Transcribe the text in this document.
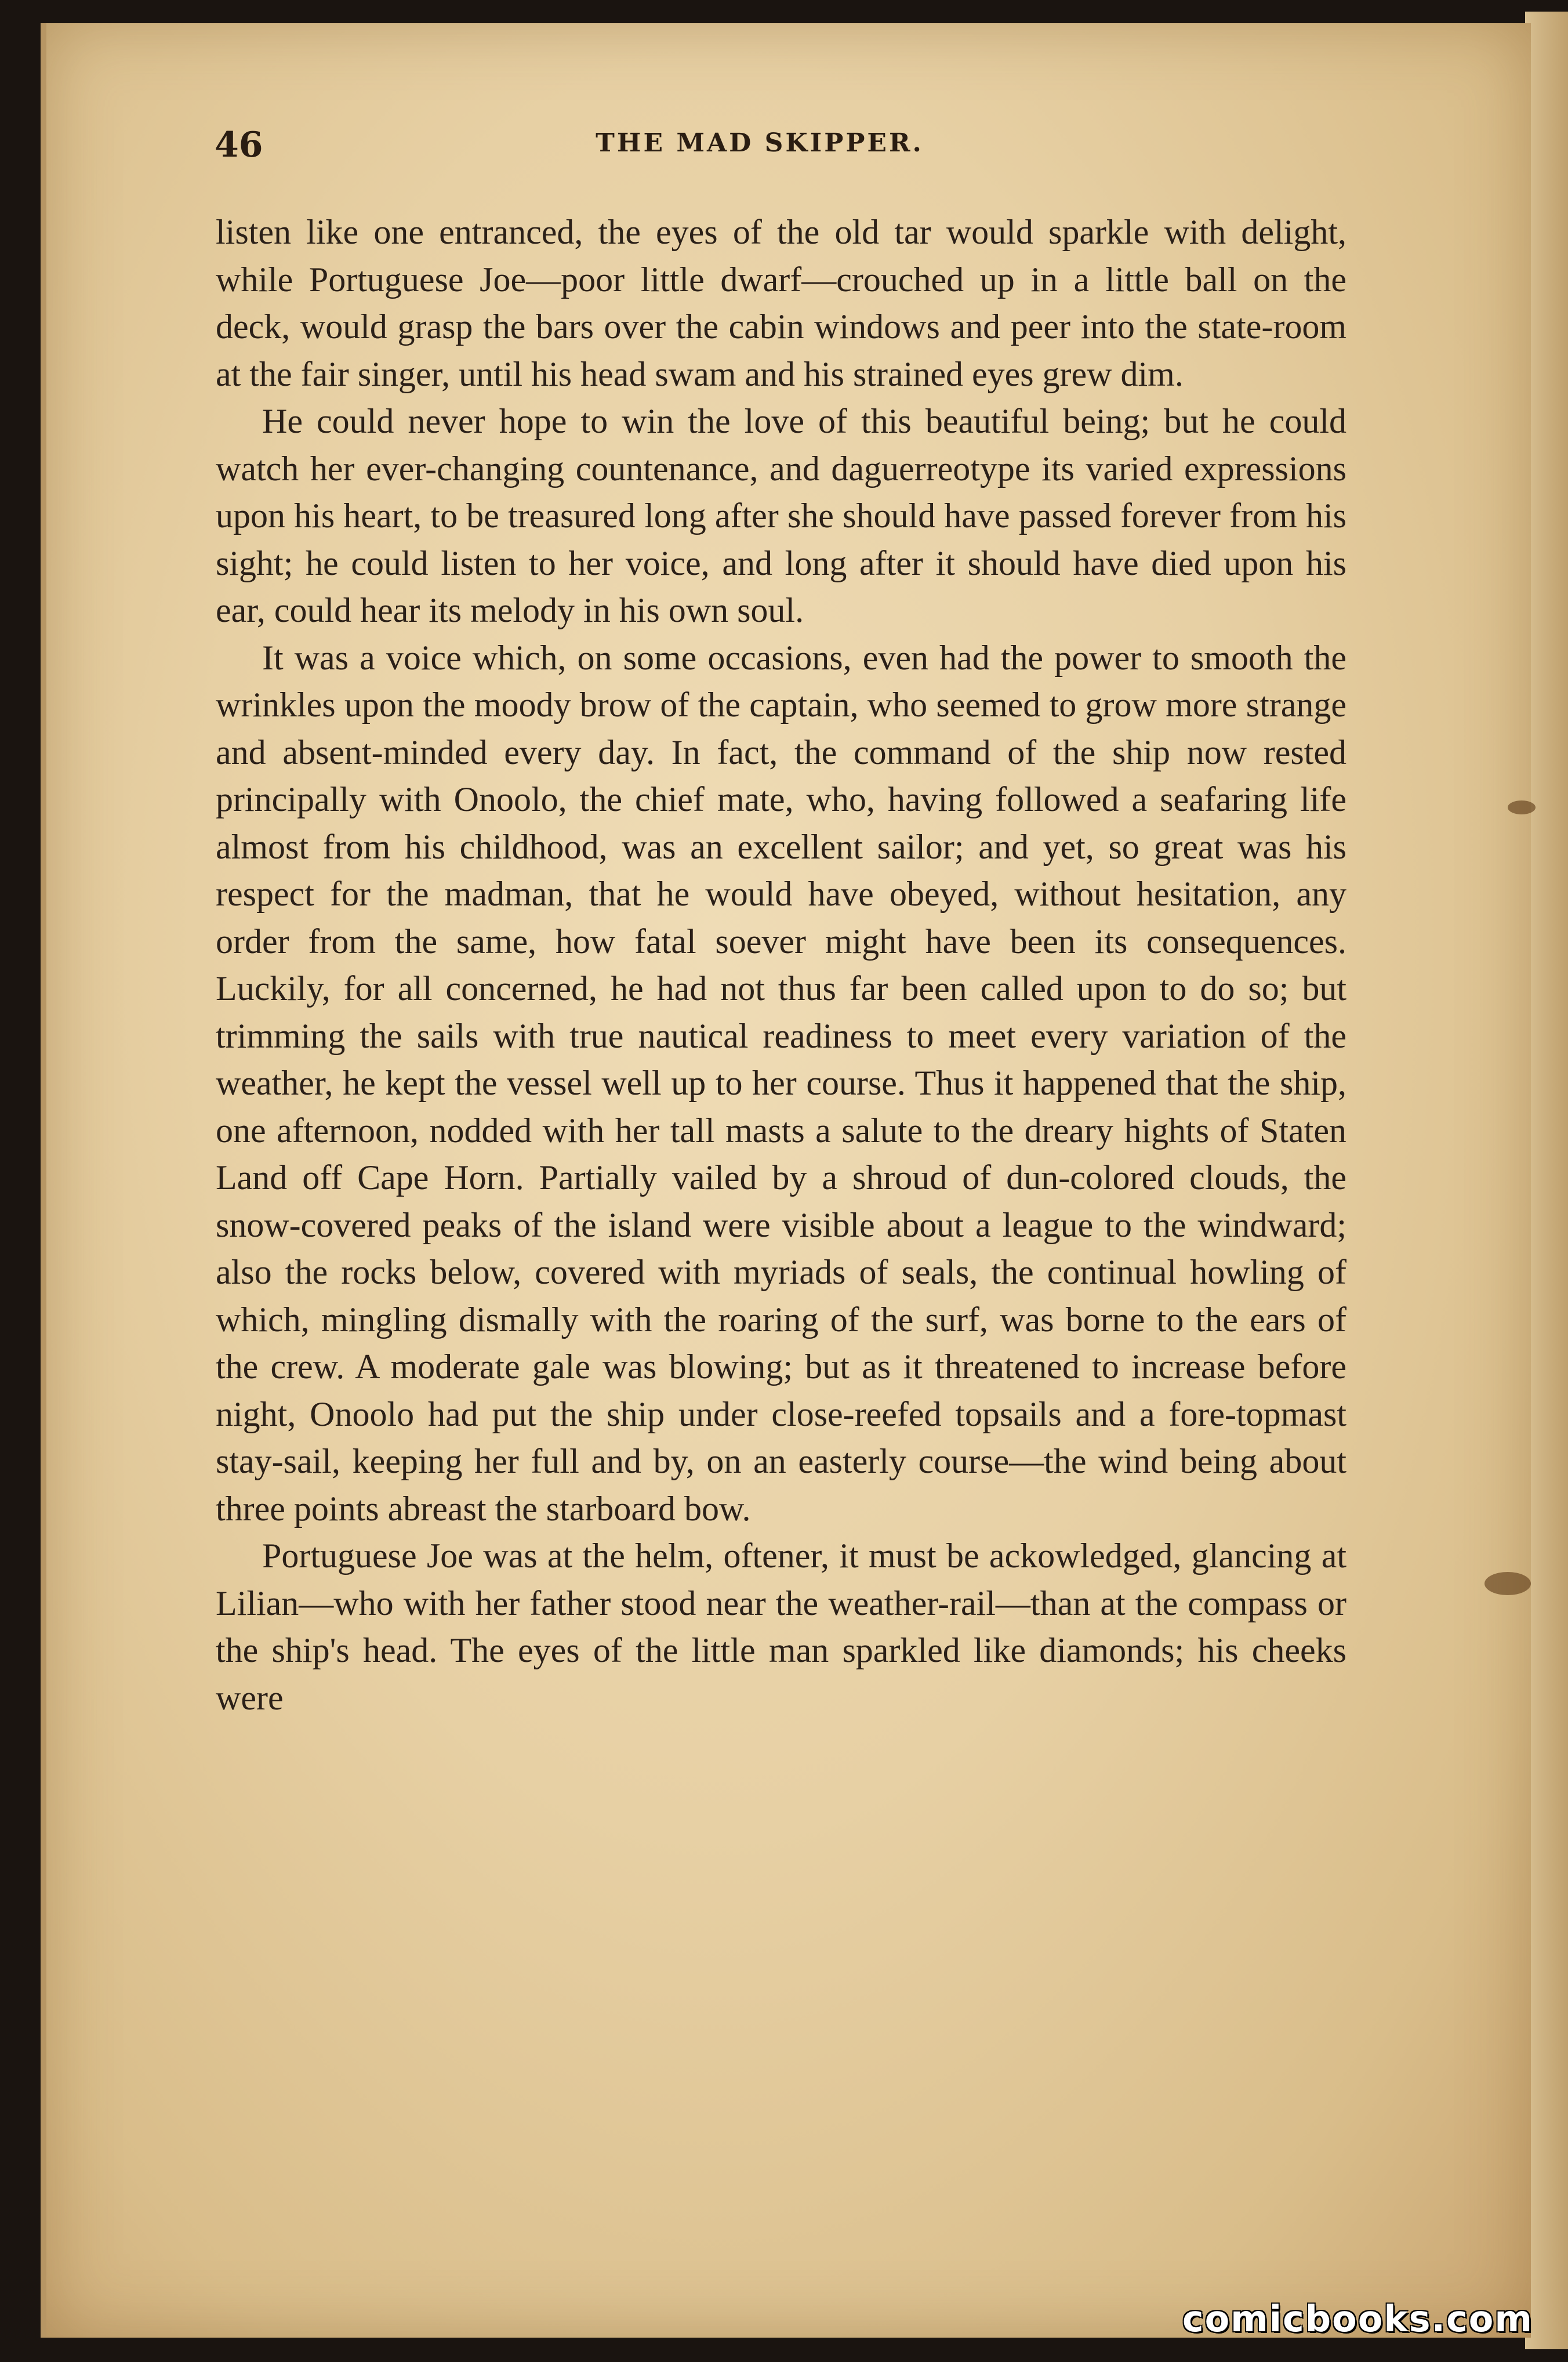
46	THE MAD SKIPPER.

listen like one entranced, the eyes of the old tar would sparkle with delight, while Portuguese Joe—poor little dwarf—crouched up in a little ball on the deck, would grasp the bars over the cabin windows and peer into the state-room at the fair singer, until his head swam and his strained eyes grew dim.

He could never hope to win the love of this beautiful being; but he could watch her ever-changing countenance, and daguerreotype its varied expressions upon his heart, to be treasured long after she should have passed forever from his sight; he could listen to her voice, and long after it should have died upon his ear, could hear its melody in his own soul.

It was a voice which, on some occasions, even had the power to smooth the wrinkles upon the moody brow of the captain, who seemed to grow more strange and absent-minded every day. In fact, the command of the ship now rested principally with Onoolo, the chief mate, who, having followed a seafaring life almost from his childhood, was an excellent sailor; and yet, so great was his respect for the madman, that he would have obeyed, without hesitation, any order from the same, how fatal soever might have been its consequences. Luckily, for all concerned, he had not thus far been called upon to do so; but trimming the sails with true nautical readiness to meet every variation of the weather, he kept the vessel well up to her course. Thus it happened that the ship, one afternoon, nodded with her tall masts a salute to the dreary hights of Staten Land off Cape Horn. Partially vailed by a shroud of dun-colored clouds, the snow-covered peaks of the island were visible about a league to the windward; also the rocks below, covered with myriads of seals, the continual howling of which, mingling dismally with the roaring of the surf, was borne to the ears of the crew. A moderate gale was blowing; but as it threatened to increase before night, Onoolo had put the ship under close-reefed topsails and a fore-topmast stay-sail, keeping her full and by, on an easterly course—the wind being about three points abreast the starboard bow.

Portuguese Joe was at the helm, oftener, it must be ackowledged, glancing at Lilian—who with her father stood near the weather-rail—than at the compass or the ship's head. The eyes of the little man sparkled like diamonds; his cheeks were

comicbooks.com
